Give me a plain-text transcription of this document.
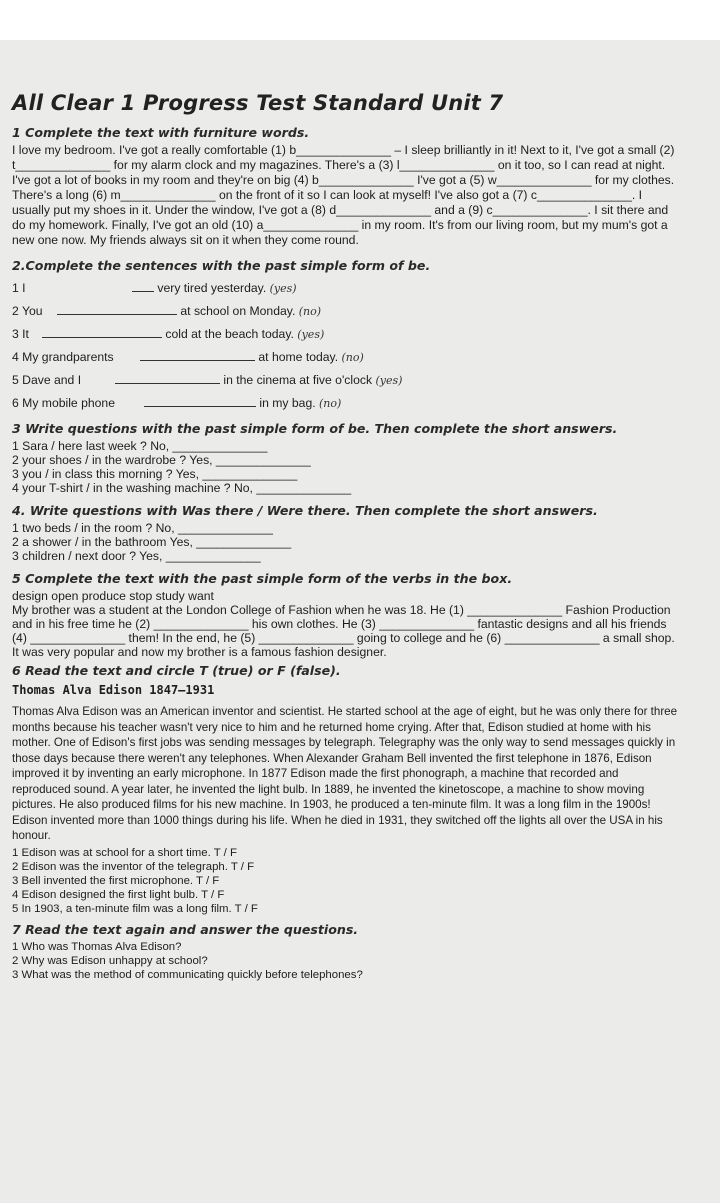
All Clear 1 Progress Test Standard Unit 7
1 Complete the text with furniture words.

I love my bedroom. I've got a really comfortable (1) b______________ – I sleep brilliantly in it! Next to it, I've got a small (2) t______________ for my alarm clock and my magazines. There's a (3) l______________ on it too, so I can read at night. I've got a lot of books in my room and they're on big (4) b______________ I've got a (5) w______________ for my clothes. There's a long (6) m______________ on the front of it so I can look at myself! I've also got a (7) c______________. I usually put my shoes in it. Under the window, I've got a (8) d______________ and a (9) c______________. I sit there and do my homework. Finally, I've got an old (10) a______________ in my room. It's from our living room, but my mum's got a new one now. My friends always sit on it when they come round.

2.Complete the sentences with the past simple form of be.
1 I	very tired yesterday. (yes)
2 You	at school on Monday. (no)
3 It	cold at the beach today. (yes)
4 My grandparents	at home today. (no)
5 Dave and I	in the cinema at five o'clock (yes)
6 My mobile phone	in my bag. (no)
3 Write questions with the past simple form of be. Then complete the short answers.

1 Sara / here last week ? No, ______________

2 your shoes / in the wardrobe ? Yes, ______________

3 you / in class this morning ? Yes, ______________

4 your T-shirt / in the washing machine ? No, ______________

4. Write questions with Was there / Were there. Then complete the short answers.

1 two beds / in the room ? No, ______________

2 a shower / in the bathroom Yes, ______________

3 children / next door ? Yes, ______________

5 Complete the text with the past simple form of the verbs in the box.

design open produce stop study want

My brother was a student at the London College of Fashion when he was 18. He (1) ______________ Fashion Production and in his free time he (2) ______________ his own clothes. He (3) ______________ fantastic designs and all his friends (4) ______________ them! In the end, he (5) ______________ going to college and he (6) ______________ a small shop. It was very popular and now my brother is a famous fashion designer.

6 Read the text and circle T (true) or F (false).
Thomas Alva Edison 1847–1931

Thomas Alva Edison was an American inventor and scientist. He started school at the age of eight, but he was only there for three months because his teacher wasn't very nice to him and he returned home crying. After that, Edison studied at home with his mother. One of Edison's first jobs was sending messages by telegraph. Telegraphy was the only way to send messages quickly in those days because there weren't any telephones. When Alexander Graham Bell invented the first telephone in 1876, Edison improved it by inventing an early microphone. In 1877 Edison made the first phonograph, a machine that recorded and reproduced sound. A year later, he invented the light bulb. In 1889, he invented the kinetoscope, a machine to show moving pictures. He also produced films for his new machine. In 1903, he produced a ten-minute film. It was a long film in the 1900s! Edison invented more than 1000 things during his life. When he died in 1931, they switched off the lights all over the USA in his honour.

1 Edison was at school for a short time. T / F

2 Edison was the inventor of the telegraph. T / F

3 Bell invented the first microphone. T / F

4 Edison designed the first light bulb. T / F

5 In 1903, a ten-minute film was a long film. T / F

7 Read the text again and answer the questions.

1 Who was Thomas Alva Edison?

2 Why was Edison unhappy at school?

3 What was the method of communicating quickly before telephones?
